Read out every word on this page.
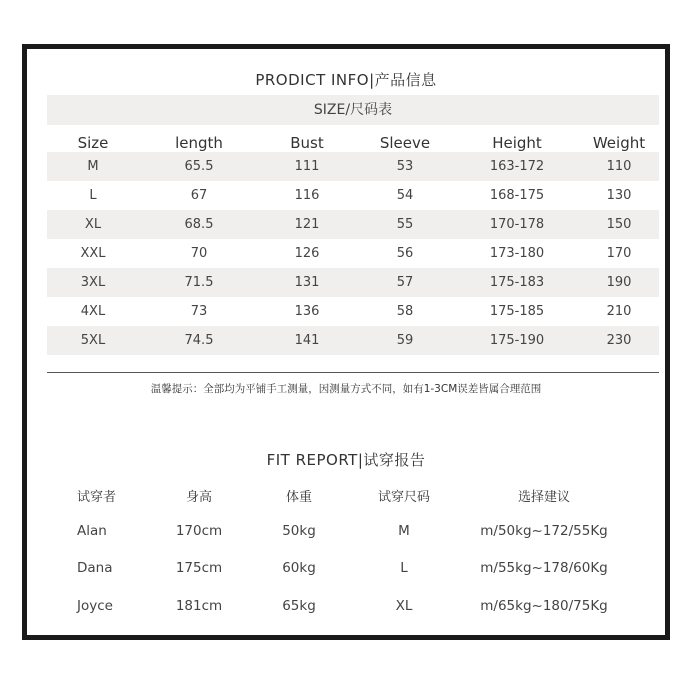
PRODICT INFO|产品信息
SIZE/尺码表
Size	length	Bust	Sleeve	Height	Weight
M	65.5	111	53	163-172	110
L	67	116	54	168-175	130
XL	68.5	121	55	170-178	150
XXL	70	126	56	173-180	170
3XL	71.5	131	57	175-183	190
4XL	73	136	58	175-185	210
5XL	74.5	141	59	175-190	230
温馨提示：全部均为平铺手工测量，因测量方式不同，如有1-3CM误差皆属合理范围
FIT REPORT|试穿报告
试穿者	身高	体重	试穿尺码	选择建议
Alan	170cm	50kg	M	m/50kg~172/55Kg
Dana	175cm	60kg	L	m/55kg~178/60Kg
Joyce	181cm	65kg	XL	m/65kg~180/75Kg
